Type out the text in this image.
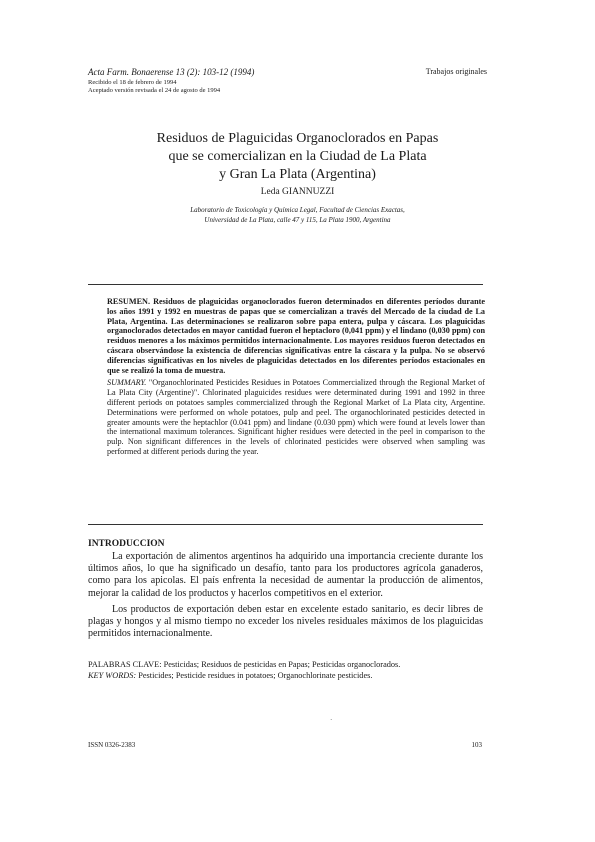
Acta Farm. Bonaerense 13 (2): 103-12 (1994)	Trabajos originales
Recibido el 18 de febrero de 1994
Aceptado versión revisada el 24 de agosto de 1994
Residuos de Plaguicidas Organoclorados en Papas
que se comercializan en la Ciudad de La Plata
y Gran La Plata (Argentina)
Leda GIANNUZZI
Laboratorio de Toxicología y Química Legal, Facultad de Ciencias Exactas,
Universidad de La Plata, calle 47 y 115, La Plata 1900, Argentina
RESUMEN. Residuos de plaguicidas organoclorados fueron determinados en diferentes períodos durante los años 1991 y 1992 en muestras de papas que se comercializan a través del Mercado de la ciudad de La Plata, Argentina. Las determinaciones se realizaron sobre papa entera, pulpa y cáscara. Los plaguicidas organoclorados detectados en mayor cantidad fueron el heptacloro (0,041 ppm) y el lindano (0,030 ppm) con residuos menores a los máximos permitidos internacionalmente. Los mayores residuos fueron detectados en cáscara observándose la existencia de diferencias significativas entre la cáscara y la pulpa. No se observó diferencias significativas en los niveles de plaguicidas detectados en los diferentes períodos estacionales en que se realizó la toma de muestra.
SUMMARY. "Organochlorinated Pesticides Residues in Potatoes Commercialized through the Regional Market of La Plata City (Argentine)". Chlorinated plaguicides residues were determinated during 1991 and 1992 in three different periods on potatoes samples commercialized through the Regional Market of La Plata city, Argentine. Determinations were performed on whole potatoes, pulp and peel. The organochlorinated pesticides detected in greater amounts were the heptachlor (0.041 ppm) and lindane (0.030 ppm) which were found at levels lower than the international maximum tolerances. Significant higher residues were detected in the peel in comparison to the pulp. Non significant differences in the levels of chlorinated pesticides were observed when sampling was performed at different periods during the year.
INTRODUCCION

La exportación de alimentos argentinos ha adquirido una importancia creciente durante los últimos años, lo que ha significado un desafío, tanto para los productores agrícola ganaderos, como para los apicolas. El país enfrenta la necesidad de aumentar la producción de alimentos, mejorar la calidad de los productos y hacerlos competitivos en el exterior.

Los productos de exportación deben estar en excelente estado sanitario, es decir libres de plagas y hongos y al mismo tiempo no exceder los niveles residuales máximos de los plaguicidas permitidos internacionalmente.

PALABRAS CLAVE: Pesticidas; Residuos de pesticidas en Papas; Pesticidas organoclorados.
KEY WORDS: Pesticides; Pesticide residues in potatoes; Organochlorinate pesticides.
·
ISSN 0326-2383	103
